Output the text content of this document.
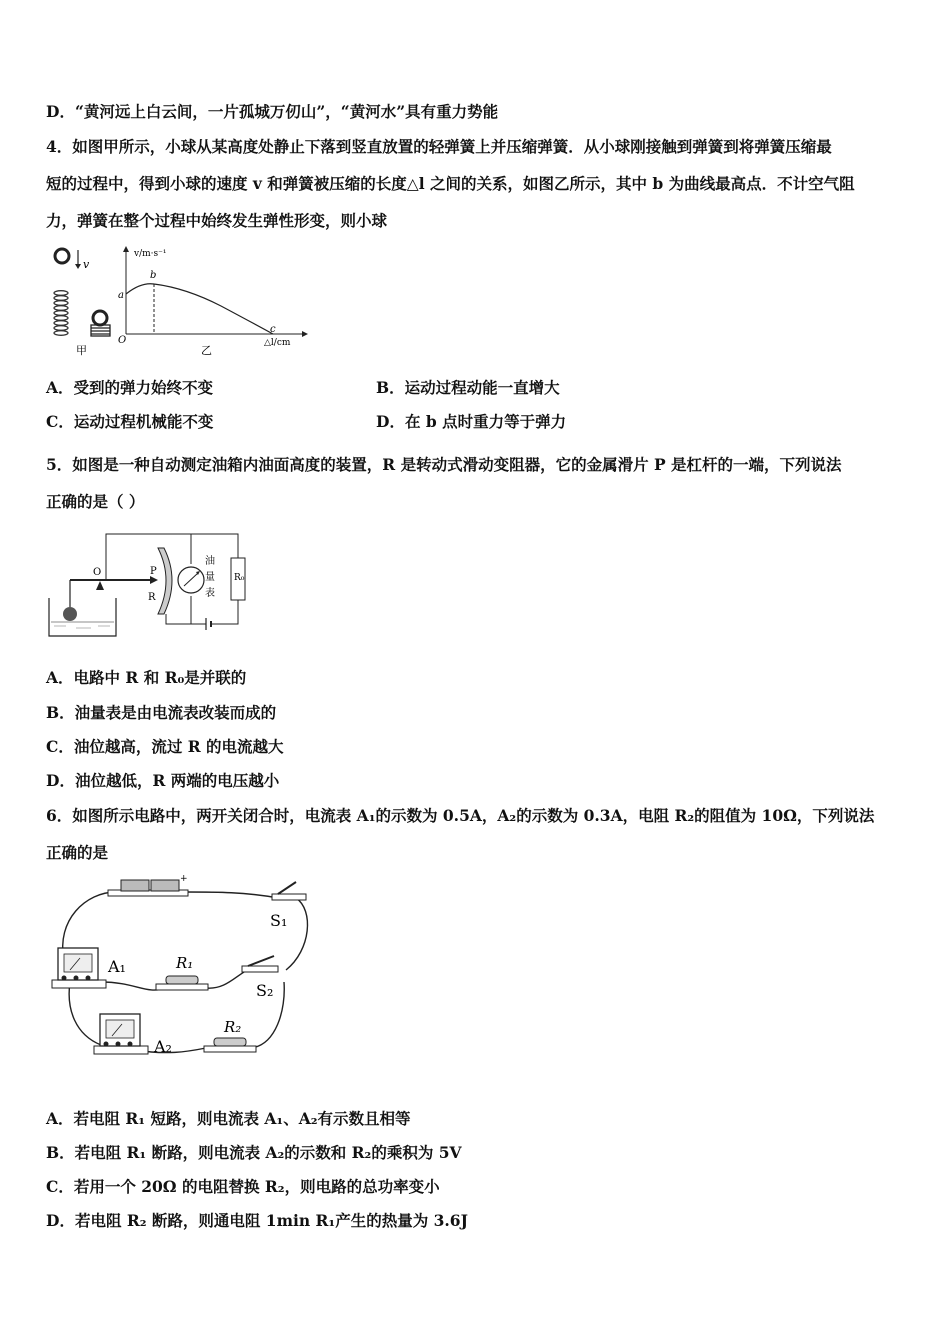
D．“黄河远上白云间，一片孤城万仞山”，“黄河水”具有重力势能
4．如图甲所示，小球从某高度处静止下落到竖直放置的轻弹簧上并压缩弹簧．从小球刚接触到弹簧到将弹簧压缩最
短的过程中，得到小球的速度 v 和弹簧被压缩的长度△l 之间的关系，如图乙所示，其中 b 为曲线最高点．不计空气阻
力，弹簧在整个过程中始终发生弹性形变，则小球
v
甲
v/m·s⁻¹
△l/cm
O
a
b
c
乙
A．受到的弹力始终不变	B．运动过程动能一直增大
C．运动过程机械能不变	D．在 b 点时重力等于弹力
5．如图是一种自动测定油箱内油面高度的装置，R 是转动式滑动变阻器，它的金属滑片 P 是杠杆的一端，下列说法
正确的是（ ）
O	P
R
油
量
表
R₀
A．电路中 R 和 R₀是并联的
B．油量表是由电流表改装而成的
C．油位越高，流过 R 的电流越大
D．油位越低，R 两端的电压越小
6．如图所示电路中，两开关闭合时，电流表 A₁的示数为 0.5A，A₂的示数为 0.3A，电阻 R₂的阻值为 10Ω，下列说法
正确的是
+
S₁
A₁	R₁
S₂
A₂
R₂
A．若电阻 R₁ 短路，则电流表 A₁、A₂有示数且相等
B．若电阻 R₁ 断路，则电流表 A₂的示数和 R₂的乘积为 5V
C．若用一个 20Ω 的电阻替换 R₂，则电路的总功率变小
D．若电阻 R₂ 断路，则通电阻 1min R₁产生的热量为 3.6J
